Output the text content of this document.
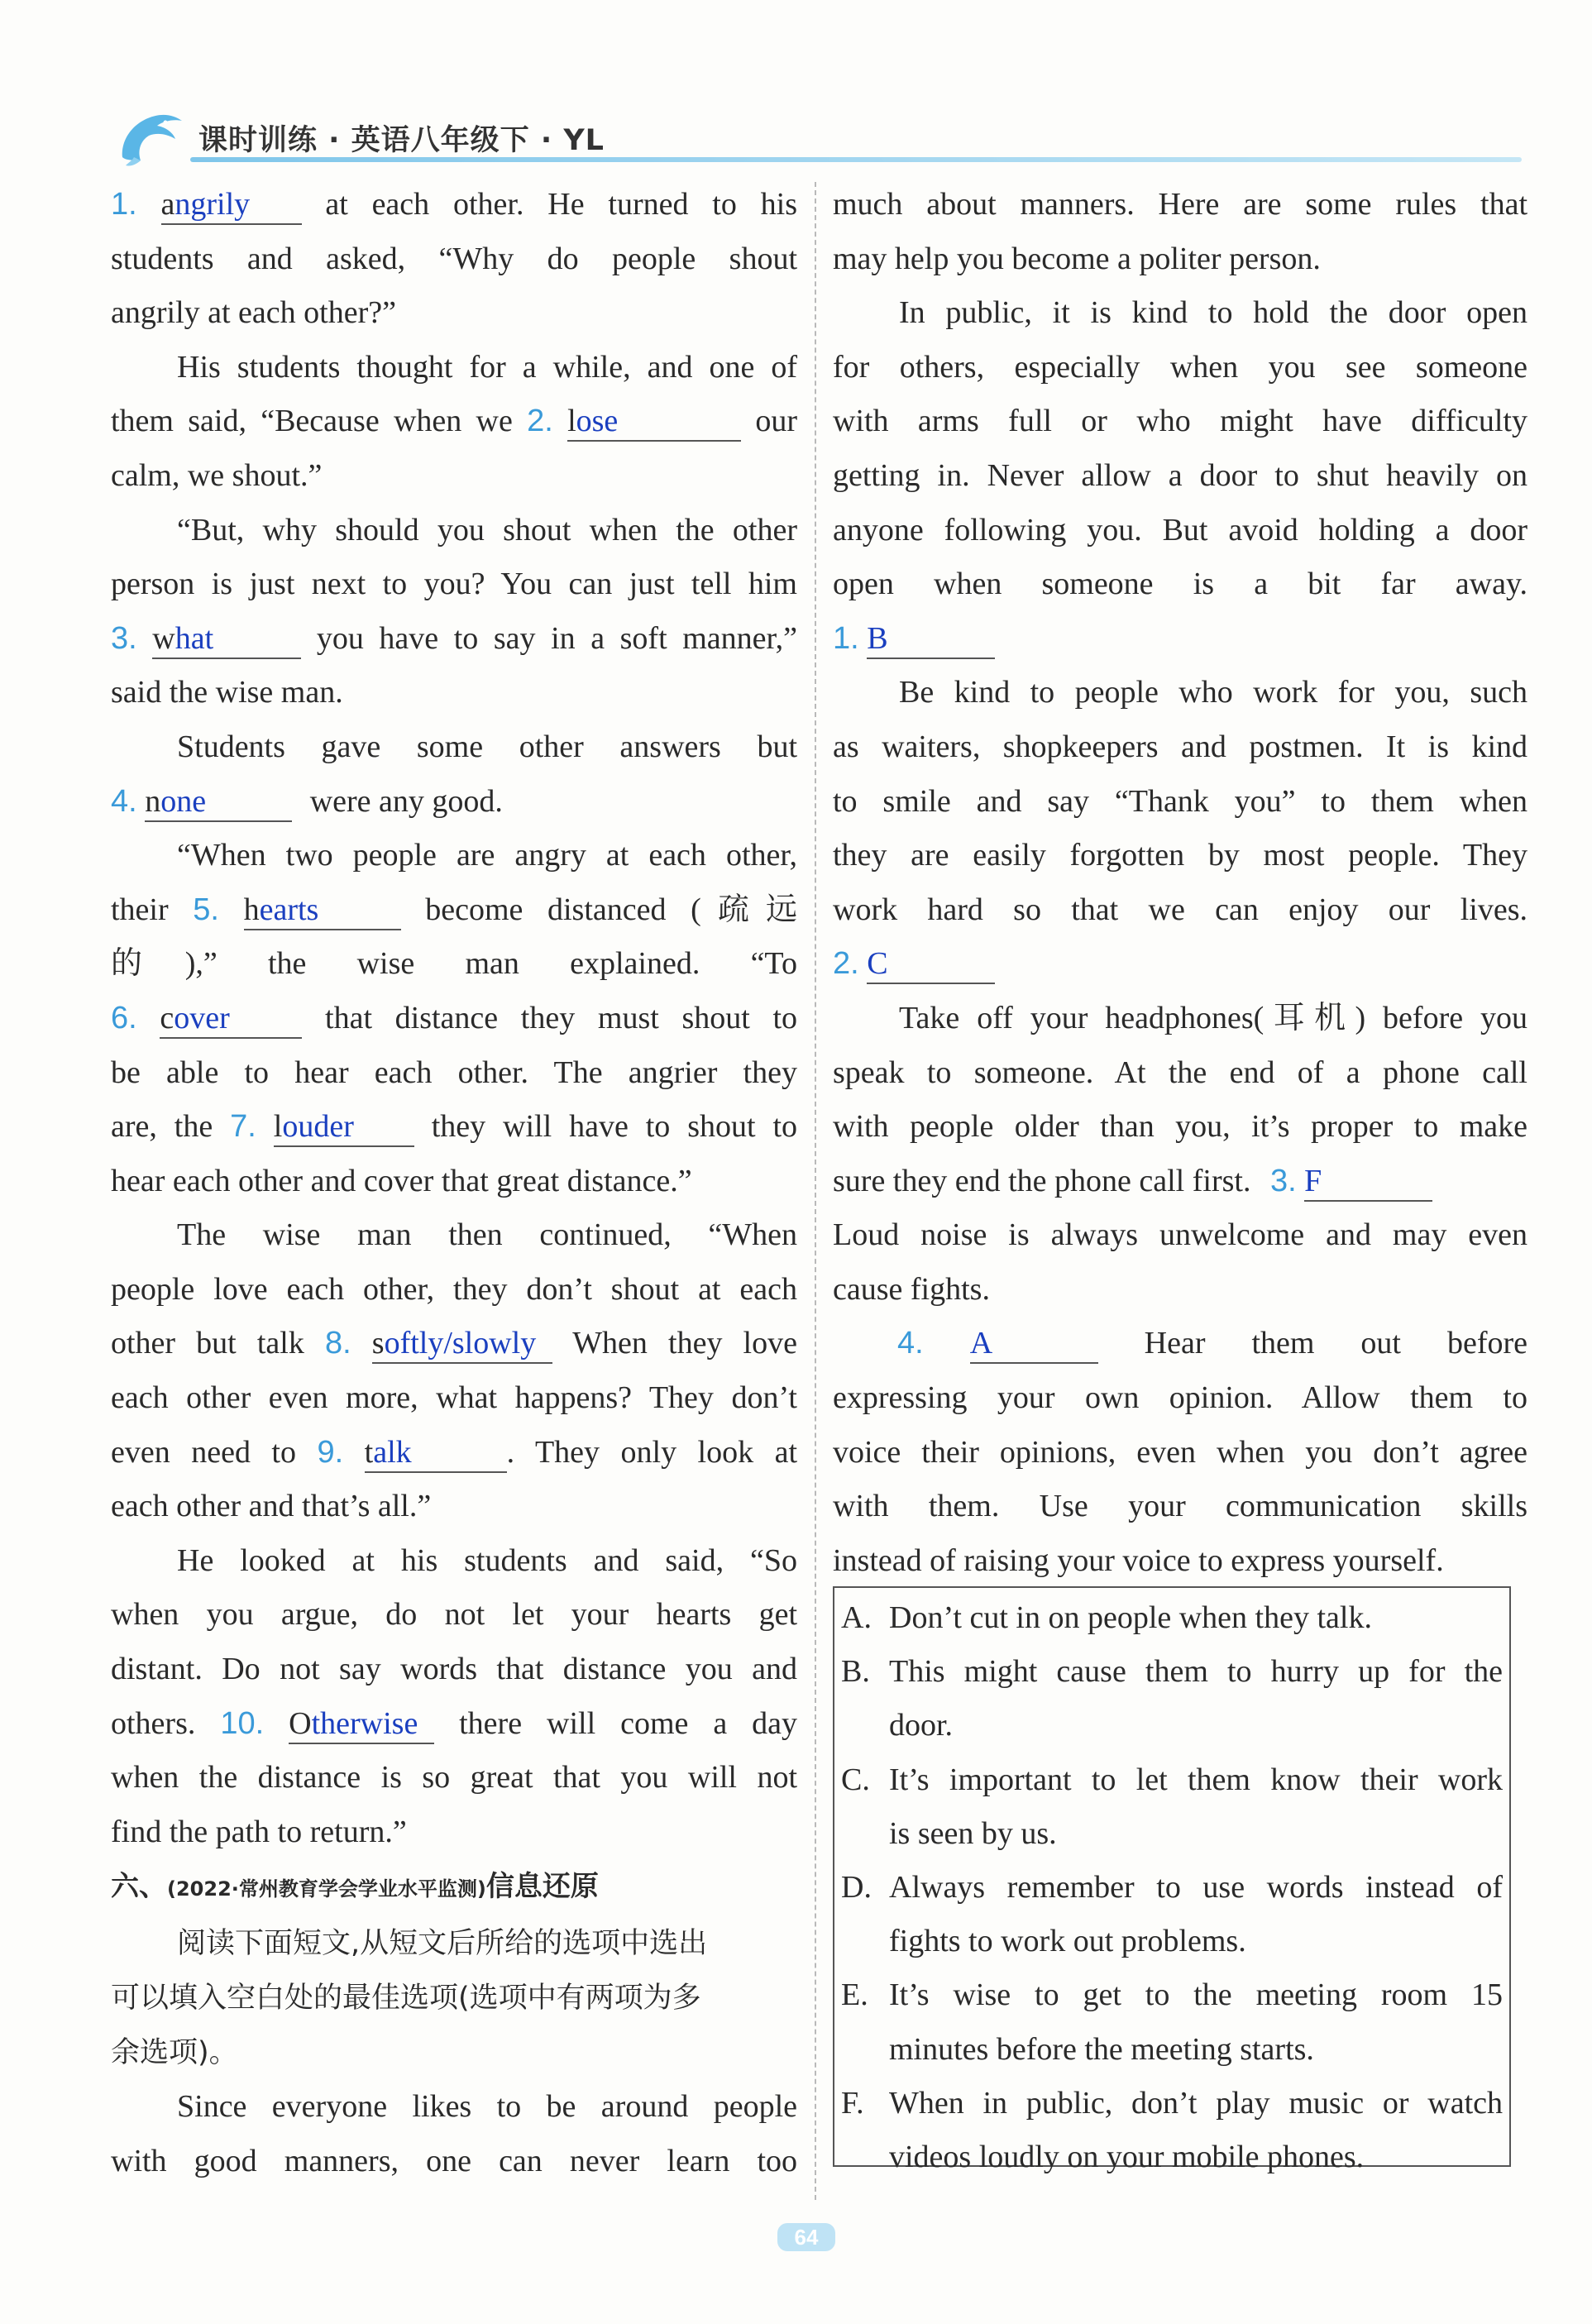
课时训练 · 英语八年级下 · YL

1. angrily at each other. He turned to his

students and asked, “Why do people shout

angrily at each other?”

His students thought for a while, and one of

them said, “Because when we 2. lose	our

calm, we shout.”

“But, why should you shout when the other

person is just next to you? You can just tell him

3. what	you have to say in a soft manner,”

said the wise man.

Students gave some other answers but

4. none	were any good.

“When two people are angry at each other,

their 5. hearts	become distanced (疏远

的),” the wise man explained. “To

6. cover	that distance they must shout to

be able to hear each other. The angrier they

are, the 7. louder they will have to shout to

hear each other and cover that great distance.”

The wise man then continued, “When

people love each other, they don’t shout at each

other but talk 8. softly/slowly When they love

each other even more, what happens? They don’t

even need to 9. talk	. They only look at

each other and that’s all.”

He looked at his students and said, “So

when you argue, do not let your hearts get

distant. Do not say words that distance you and

others. 10. Otherwise there will come a day

when the distance is so great that you will not

find the path to return.”

六、(2022·常州教育学会学业水平监测)信息还原

阅读下面短文,从短文后所给的选项中选出

可以填入空白处的最佳选项(选项中有两项为多

余选项)。

Since everyone likes to be around people

with good manners, one can never learn too

much about manners. Here are some rules that

may help you become a politer person.

In public, it is kind to hold the door open

for others, especially when you see someone

with arms full or who might have difficulty

getting in. Never allow a door to shut heavily on

anyone following you. But avoid holding a door

open when someone is a bit far away.

1. B

Be kind to people who work for you, such

as waiters, shopkeepers and postmen. It is kind

to smile and say “Thank you” to them when

they are easily forgotten by most people. They

work hard so that we can enjoy our lives.

2. C

Take off your headphones(耳机) before you

speak to someone. At the end of a phone call

with people older than you, it’s proper to make

sure they end the phone call first. 3. F

Loud noise is always unwelcome and may even

cause fights.

4. A	Hear them out before

expressing your own opinion. Allow them to

voice their opinions, even when you don’t agree

with them. Use your communication skills

instead of raising your voice to express yourself.

A. Don’t cut in on people when they talk.
B. This might cause them to hurry up for the
door.
C. It’s important to let them know their work
is seen by us.
D. Always remember to use words instead of
fights to work out problems.
E. It’s wise to get to the meeting room 15
minutes before the meeting starts.
F. When in public, don’t play music or watch
videos loudly on your mobile phones.
64
